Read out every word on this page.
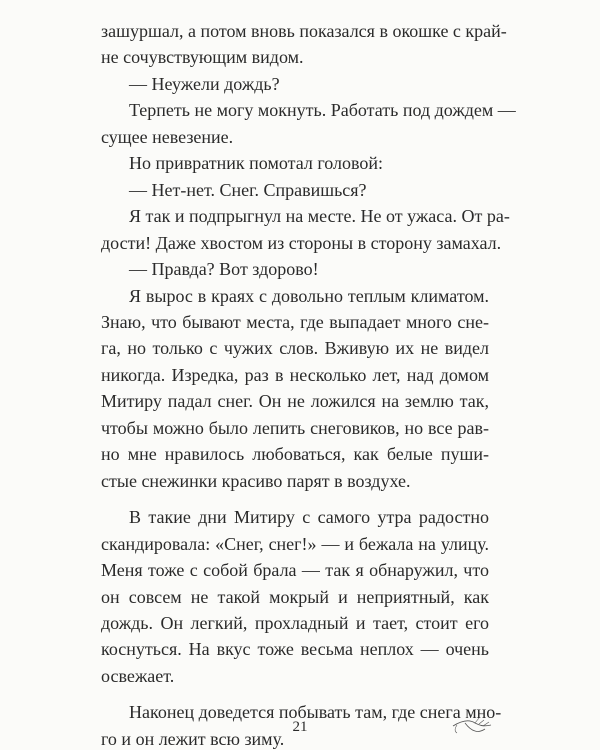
зашуршал, а потом вновь показался в окошке с край-
не сочувствующим видом.
— Неужели дождь?
Терпеть не могу мокнуть. Работать под дождем —
сущее невезение.
Но привратник помотал головой:
— Нет-нет. Снег. Справишься?
Я так и подпрыгнул на месте. Не от ужаса. От ра-
дости! Даже хвостом из стороны в сторону замахал.
— Правда? Вот здорово!
Я вырос в краях с довольно теплым климатом.
Знаю, что бывают места, где выпадает много сне-
га, но только с чужих слов. Вживую их не видел
никогда. Изредка, раз в несколько лет, над домом
Митиру падал снег. Он не ложился на землю так,
чтобы можно было лепить снеговиков, но все рав-
но мне нравилось любоваться, как белые пуши-
стые снежинки красиво парят в воздухе.
В такие дни Митиру с самого утра радостно
скандировала: «Снег, снег!» — и бежала на улицу.
Меня тоже с собой брала — так я обнаружил, что
он совсем не такой мокрый и неприятный, как
дождь. Он легкий, прохладный и тает, стоит его
коснуться. На вкус тоже весьма неплох — очень
освежает.
Наконец доведется побывать там, где снега мно-
го и он лежит всю зиму.
21
